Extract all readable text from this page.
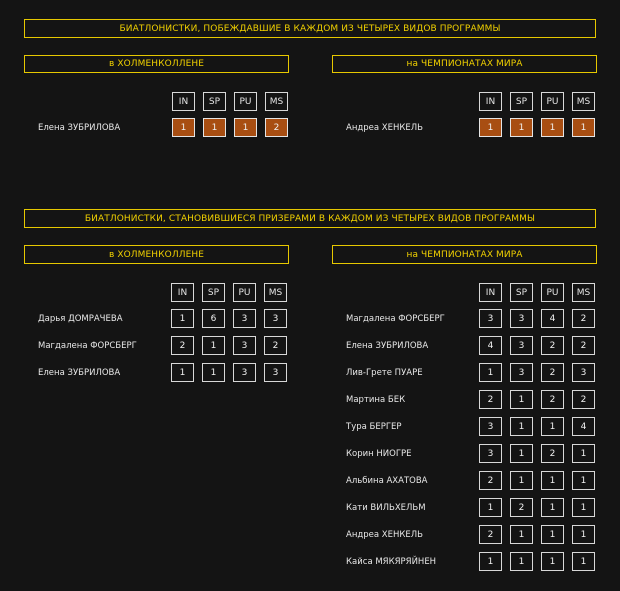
БИАТЛОНИСТКИ, ПОБЕЖДАВШИЕ В КАЖДОМ ИЗ ЧЕТЫРЕХ ВИДОВ ПРОГРАММЫ
в ХОЛМЕНКОЛЛЕНЕ	на ЧЕМПИОНАТАХ МИРА
IN	SP	PU	MS
Елена ЗУБРИЛОВА	1	1	1	2
IN	SP	PU	MS
Андреа ХЕНКЕЛЬ	1	1	1	1
БИАТЛОНИСТКИ, СТАНОВИВШИЕСЯ ПРИЗЕРАМИ В КАЖДОМ ИЗ ЧЕТЫРЕХ ВИДОВ ПРОГРАММЫ
в ХОЛМЕНКОЛЛЕНЕ	на ЧЕМПИОНАТАХ МИРА
IN	SP	PU	MS
Дарья ДОМРАЧЕВА	1	6	3	3
Магдалена ФОРСБЕРГ	2	1	3	2
Елена ЗУБРИЛОВА	1	1	3	3
IN	SP	PU	MS
Магдалена ФОРСБЕРГ	3	3	4	2
Елена ЗУБРИЛОВА	4	3	2	2
Лив-Грете ПУАРЕ	1	3	2	3
Мартина БЕК	2	1	2	2
Тура БЕРГЕР	3	1	1	4
Корин НИОГРЕ	3	1	2	1
Альбина АХАТОВА	2	1	1	1
Кати ВИЛЬХЕЛЬМ	1	2	1	1
Андреа ХЕНКЕЛЬ	2	1	1	1
Кайса МЯКЯРЯЙНЕН	1	1	1	1
